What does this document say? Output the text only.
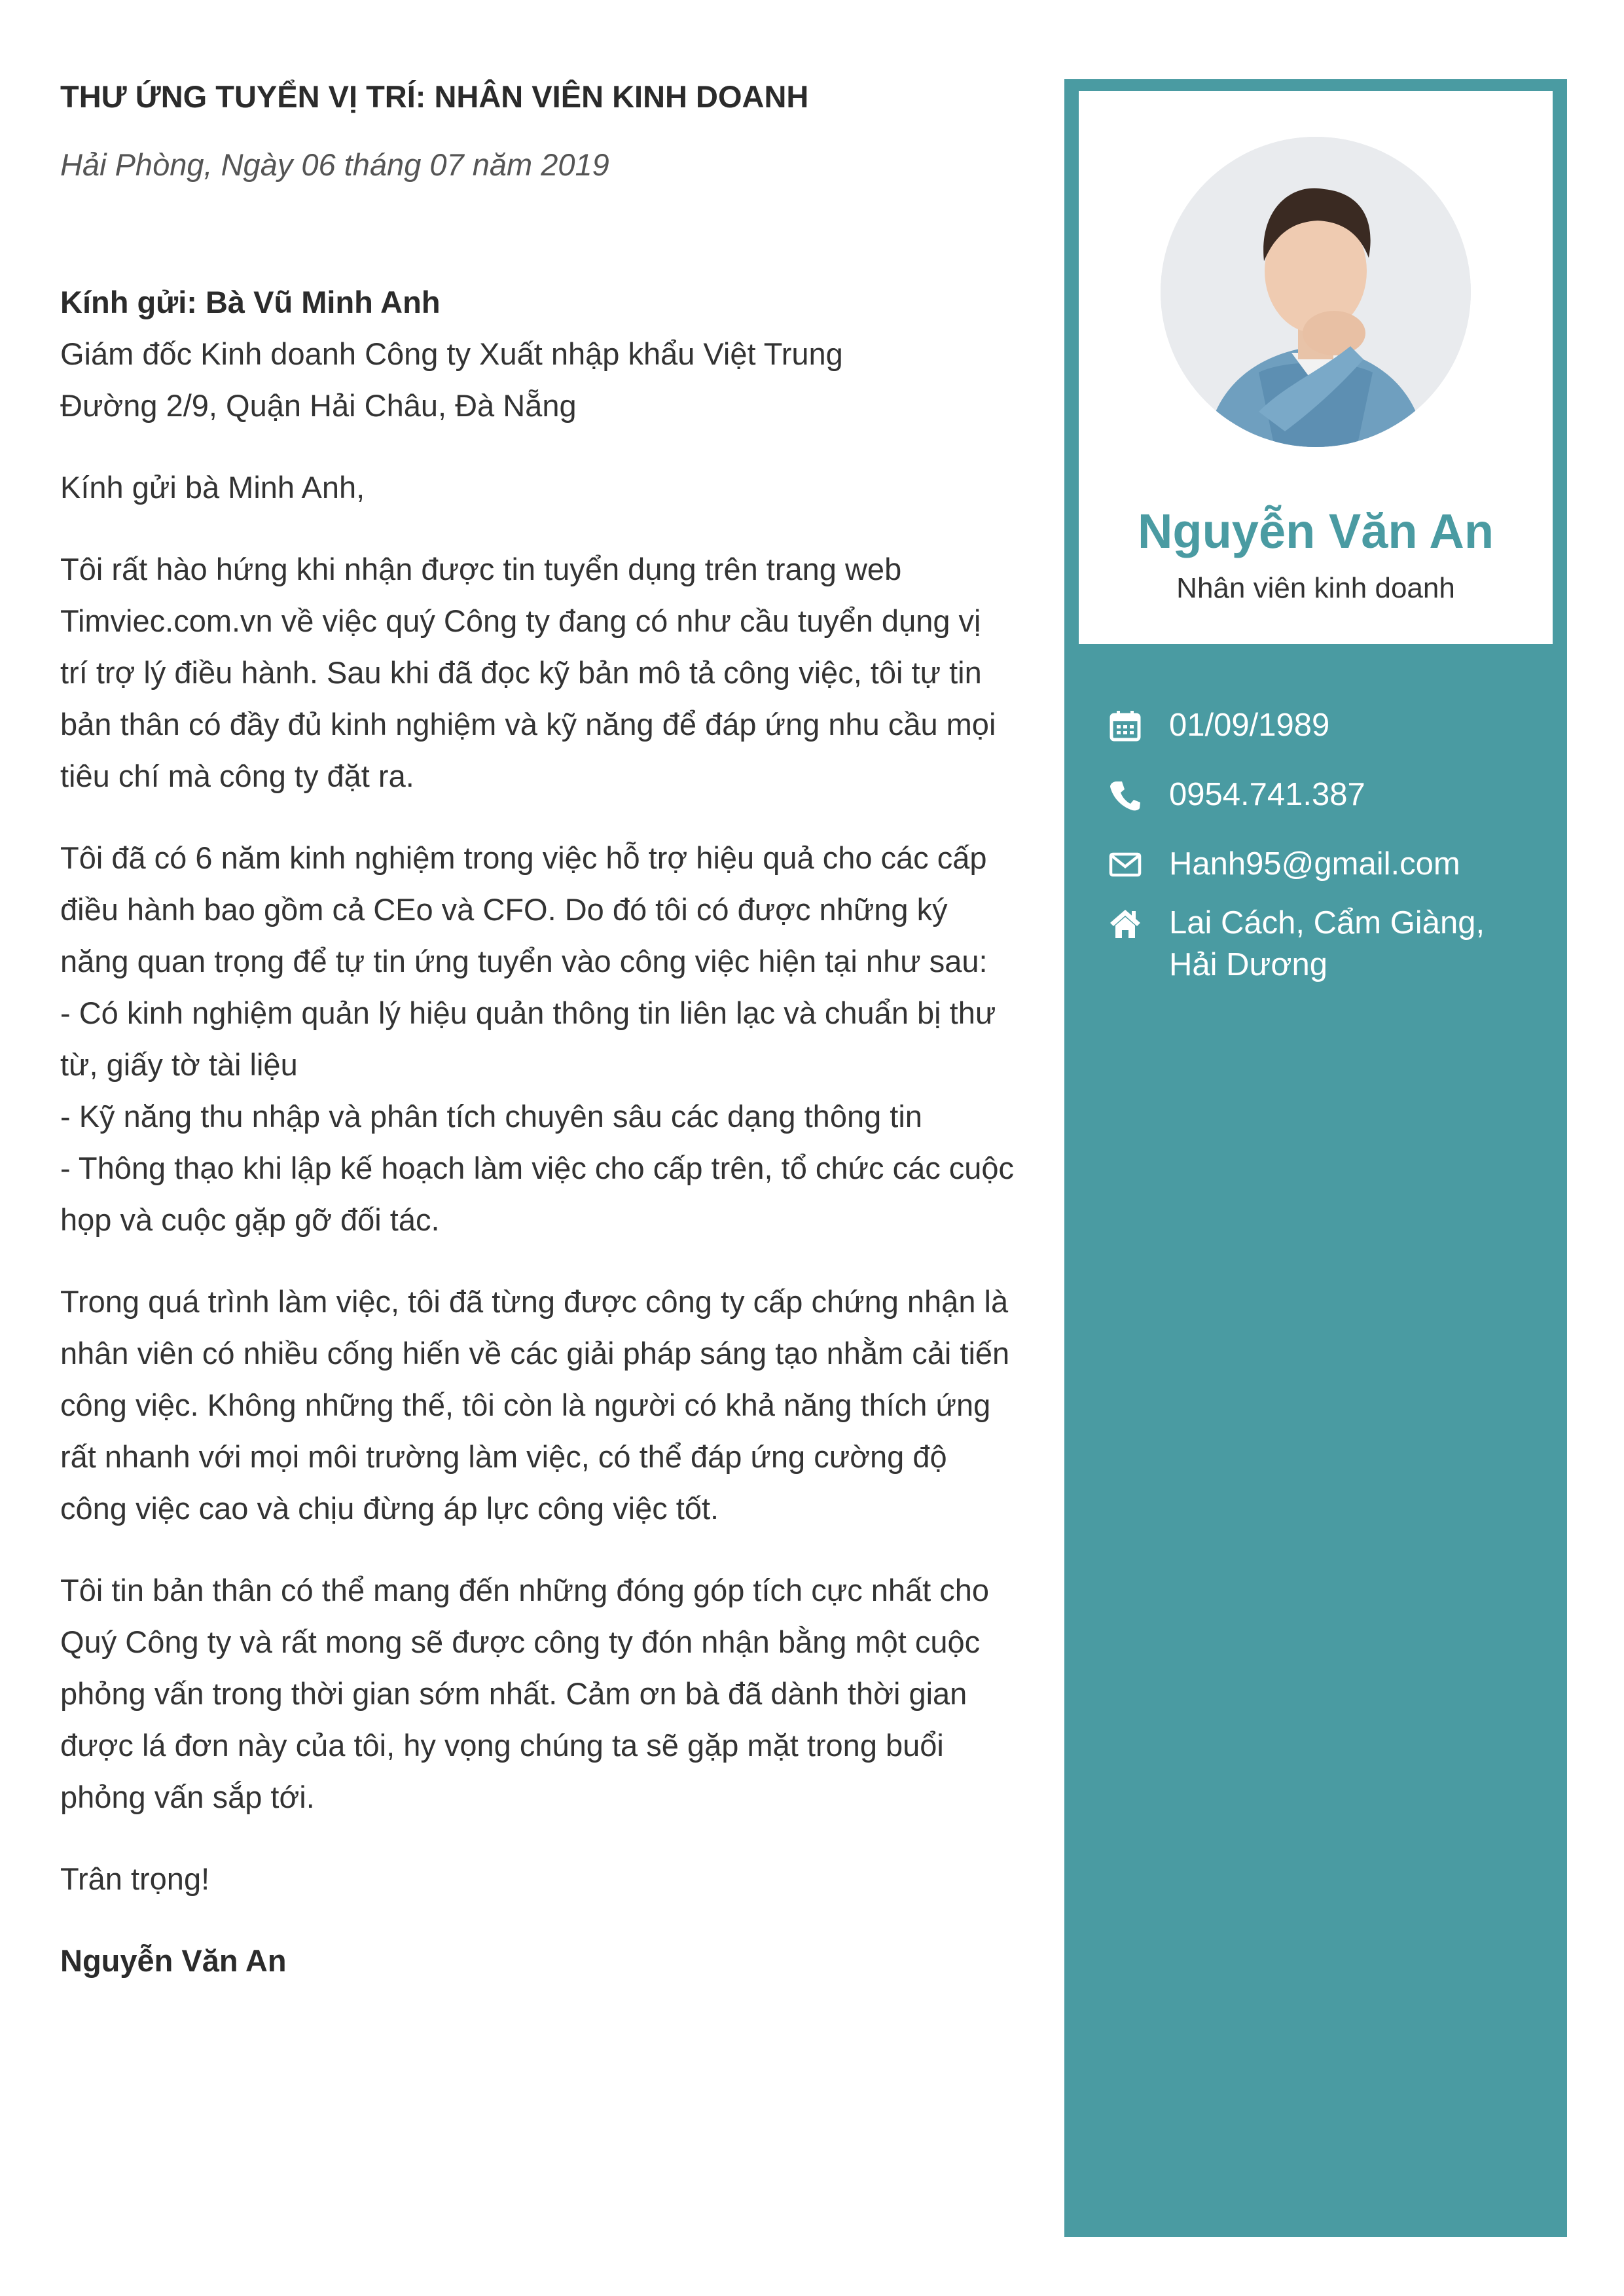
THƯ ỨNG TUYỂN VỊ TRÍ: NHÂN VIÊN KINH DOANH
Hải Phòng, Ngày 06 tháng 07 năm 2019
Kính gửi: Bà Vũ Minh Anh
Giám đốc Kinh doanh Công ty Xuất nhập khẩu Việt Trung
Đường 2/9, Quận Hải Châu, Đà Nẵng

Kính gửi bà Minh Anh,

Tôi rất hào hứng khi nhận được tin tuyển dụng trên trang web Timviec.com.vn về việc quý Công ty đang có như cầu tuyển dụng vị trí trợ lý điều hành. Sau khi đã đọc kỹ bản mô tả công việc, tôi tự tin bản thân có đầy đủ kinh nghiệm và kỹ năng để đáp ứng nhu cầu mọi tiêu chí mà công ty đặt ra.

Tôi đã có 6 năm kinh nghiệm trong việc hỗ trợ hiệu quả cho các cấp điều hành bao gồm cả CEo và CFO. Do đó tôi có được những ký năng quan trọng để tự tin ứng tuyển vào công việc hiện tại như sau:
- Có kinh nghiệm quản lý hiệu quản thông tin liên lạc và chuẩn bị thư từ, giấy tờ tài liệu
- Kỹ năng thu nhập và phân tích chuyên sâu các dạng thông tin
- Thông thạo khi lập kế hoạch làm việc cho cấp trên, tổ chức các cuộc họp và cuộc gặp gỡ đối tác.

Trong quá trình làm việc, tôi đã từng được công ty cấp chứng nhận là nhân viên có nhiều cống hiến về các giải pháp sáng tạo nhằm cải tiến công việc. Không những thế, tôi còn là người có khả năng thích ứng rất nhanh với mọi môi trường làm việc, có thể đáp ứng cường độ công việc cao và chịu đừng áp lực công việc tốt.

Tôi tin bản thân có thể mang đến những đóng góp tích cực nhất cho Quý Công ty và rất mong sẽ được công ty đón nhận bằng một cuộc phỏng vấn trong thời gian sớm nhất. Cảm ơn bà đã dành thời gian được lá đơn này của tôi, hy vọng chúng ta sẽ gặp mặt trong buổi phỏng vấn sắp tới.

Trân trọng!
Nguyễn Văn An
Nguyễn Văn An
Nhân viên kinh doanh
01/09/1989
0954.741.387
Hanh95@gmail.com
Lai Cách, Cẩm Giàng, Hải Dương
